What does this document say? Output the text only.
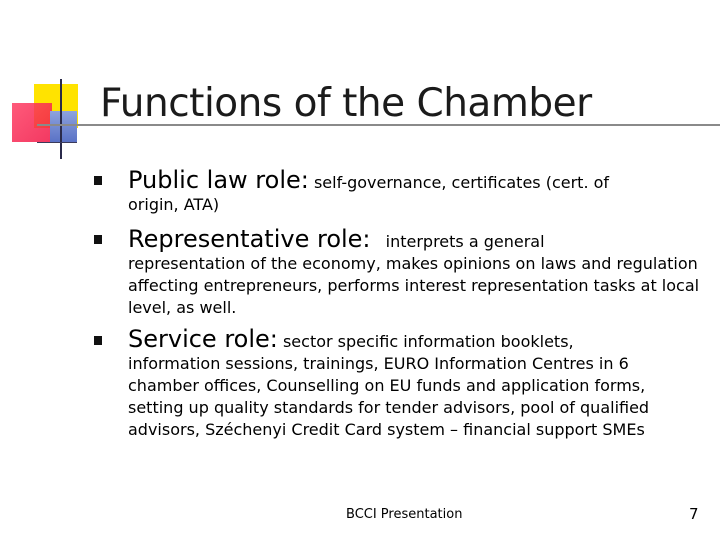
Functions of the Chamber
Public law role: self-governance, certificates (cert. of
origin, ATA)
Representative role: interprets a general
representation of the economy, makes opinions on laws and regulation affecting entrepreneurs, performs interest representation tasks at local level, as well.
Service role: sector specific information booklets,
information sessions, trainings, EURO Information Centres in 6 chamber offices, Counselling on EU funds and application forms, setting up quality standards for tender advisors, pool of qualified advisors, Széchenyi Credit Card system – financial support SMEs
BCCI Presentation	7
